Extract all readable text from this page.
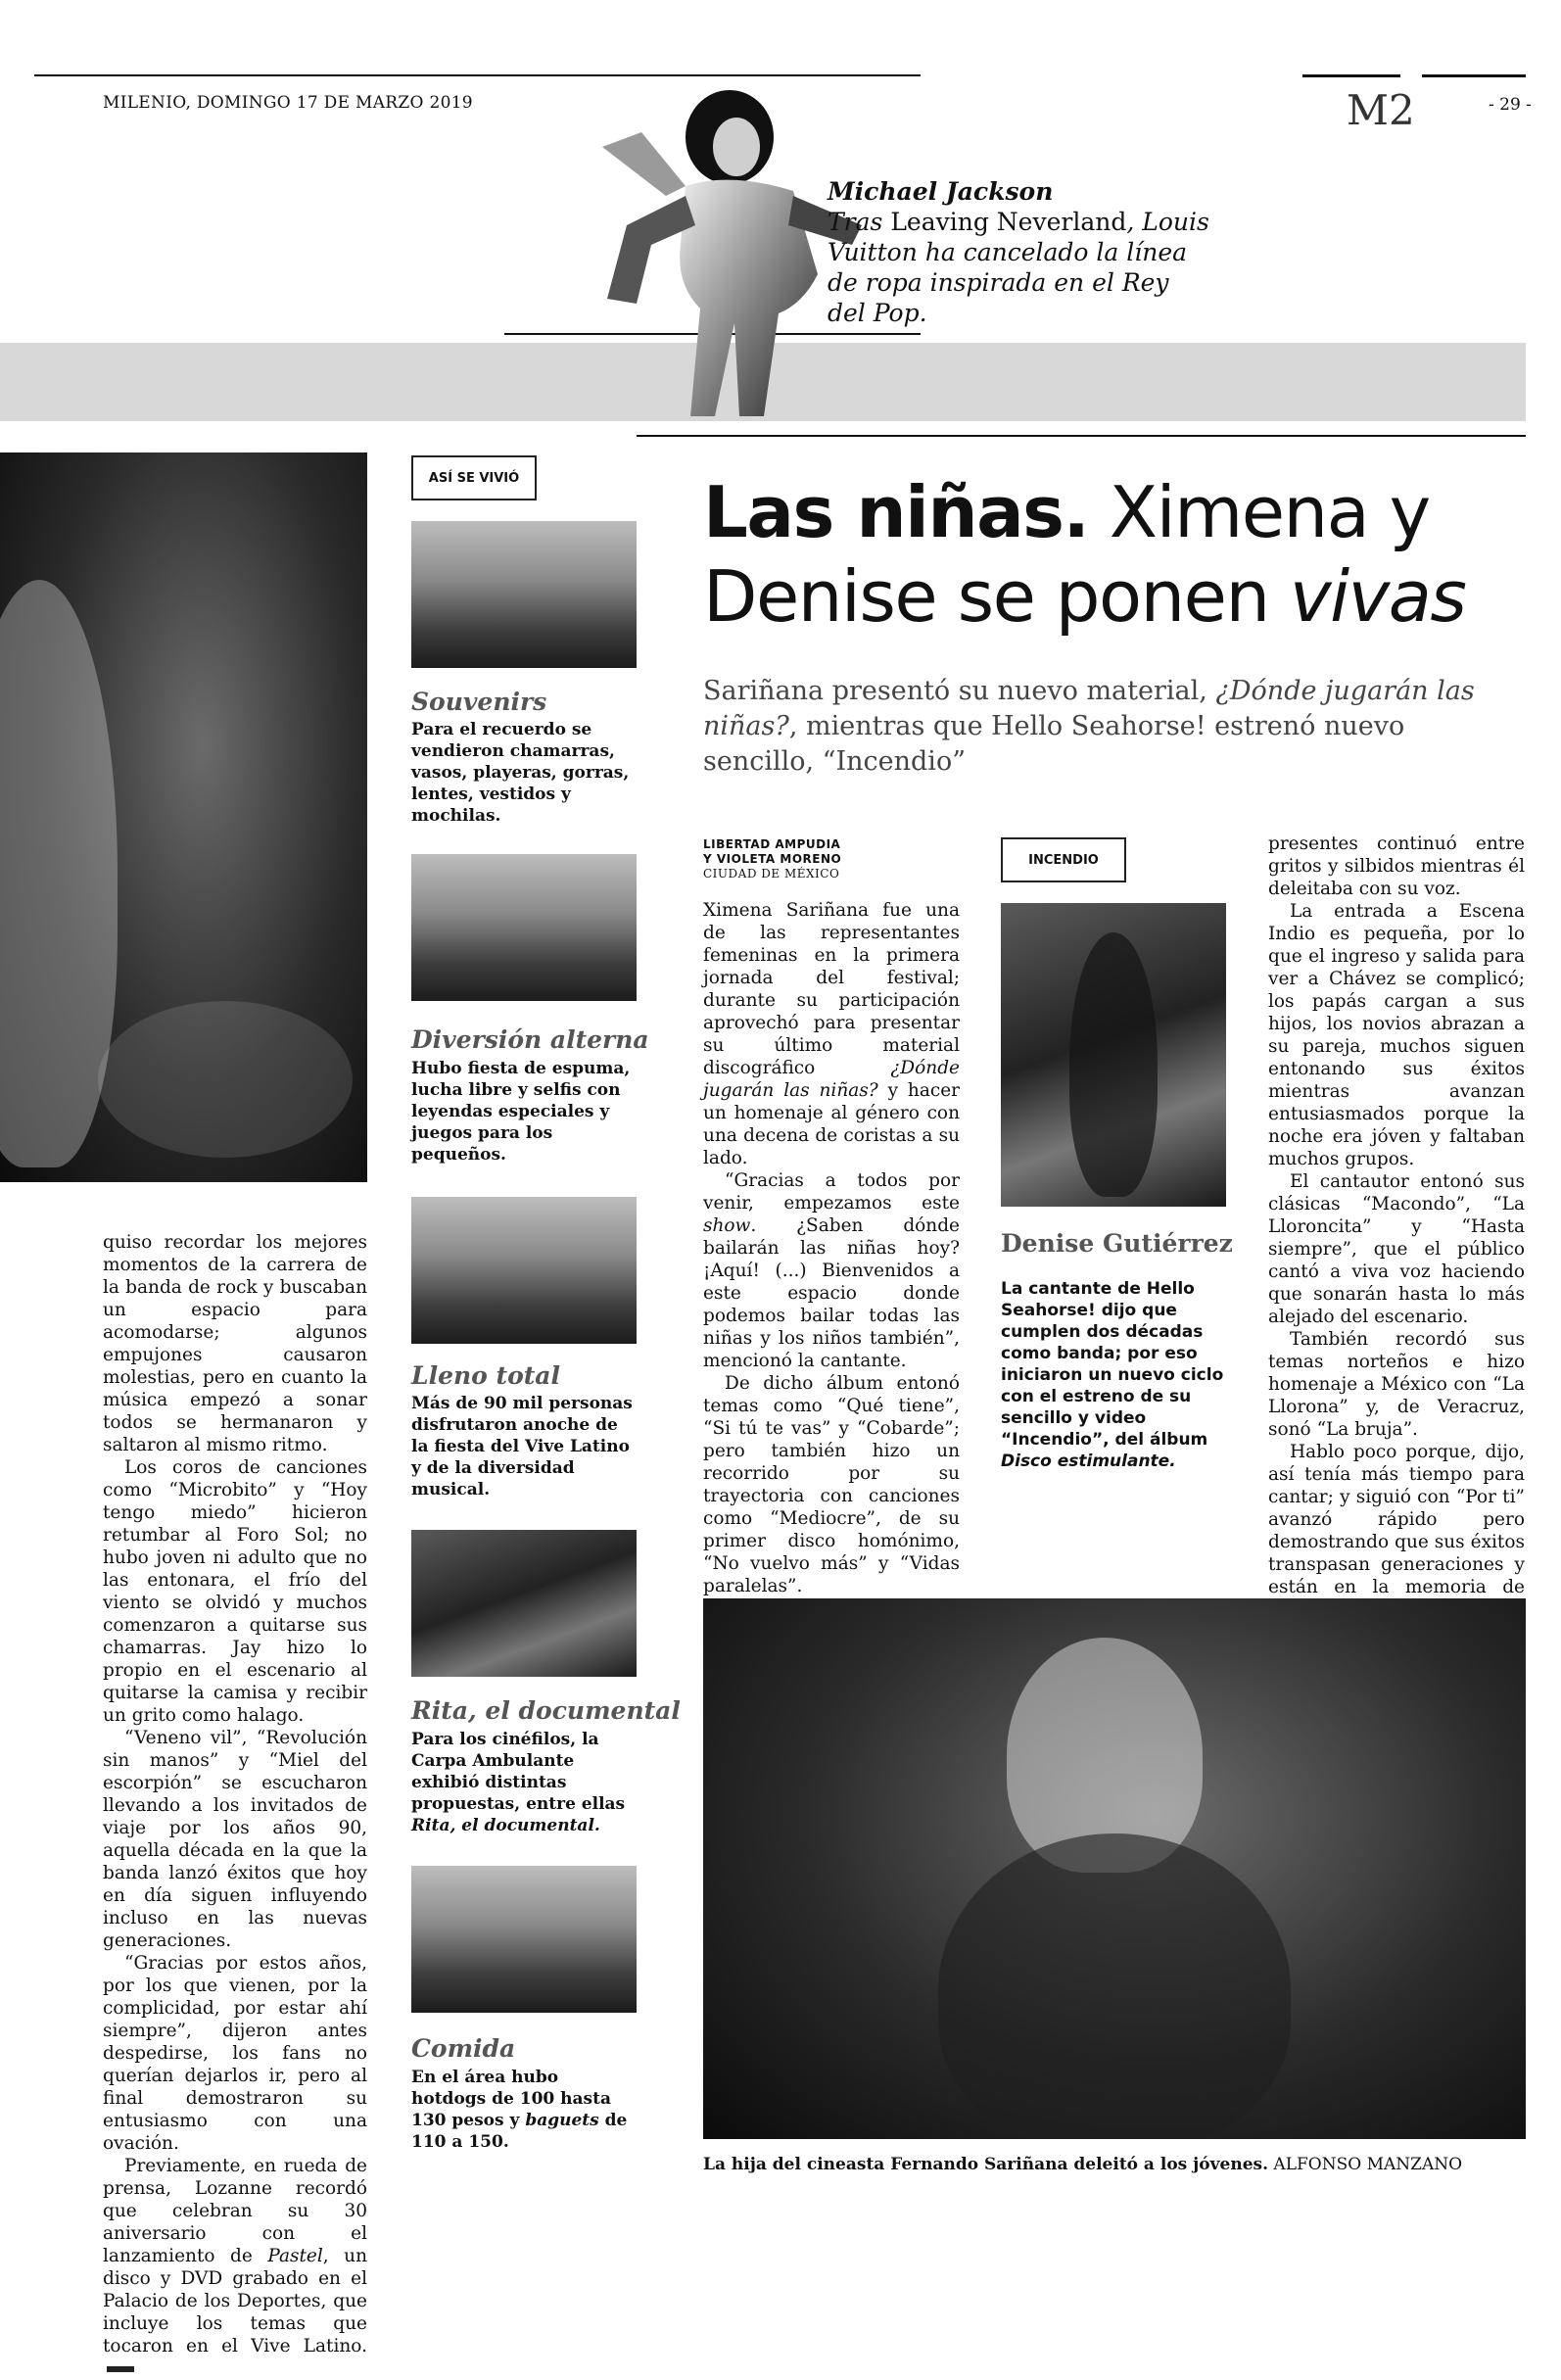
MILENIO, DOMINGO 17 DE MARZO 2019	M2	- 29 -
Michael Jackson
Tras Leaving Neverland, Louis Vuitton ha cancelado la línea de ropa inspirada en el Rey del Pop.

quiso recordar los mejores momentos de la carrera de la banda de rock y buscaban un espacio para acomodarse; algunos empujones causaron molestias, pero en cuanto la música empezó a sonar todos se hermanaron y saltaron al mismo ritmo.

Los coros de canciones como “Microbito” y “Hoy tengo miedo” hicieron retumbar al Foro Sol; no hubo joven ni adulto que no las entonara, el frío del viento se olvidó y muchos comenzaron a quitarse sus chamarras. Jay hizo lo propio en el escenario al quitarse la camisa y recibir un grito como halago.

“Veneno vil”, “Revolución sin manos” y “Miel del escorpión” se escucharon llevando a los invitados de viaje por los años 90, aquella década en la que la banda lanzó éxitos que hoy en día siguen influyendo incluso en las nuevas generaciones.

“Gracias por estos años, por los que vienen, por la complicidad, por estar ahí siempre”, dijeron antes despedirse, los fans no querían dejarlos ir, pero al final demostraron su entusiasmo con una ovación.

Previamente, en rueda de prensa, Lozanne recordó que celebran su 30 aniversario con el lanzamiento de Pastel, un disco y DVD grabado en el Palacio de los Deportes, que incluye los temas que tocaron en el Vive Latino.

ASÍ SE VIVIÓ
Souvenirs
Para el recuerdo se vendieron chamarras, vasos, playeras, gorras, lentes, vestidos y mochilas.
Diversión alterna
Hubo fiesta de espuma, lucha libre y selfis con leyendas especiales y juegos para los pequeños.
Lleno total
Más de 90 mil personas disfrutaron anoche de la fiesta del Vive Latino y de la diversidad musical.
Rita, el documental
Para los cinéfilos, la Carpa Ambulante exhibió distintas propuestas, entre ellas Rita, el documental.
Comida
En el área hubo hotdogs de 100 hasta 130 pesos y baguets de 110 a 150.
Las niñas. Ximena y Denise se ponen vivas
Sariñana presentó su nuevo material, ¿Dónde jugarán las niñas?, mientras que Hello Seahorse! estrenó nuevo sencillo, “Incendio”
LIBERTAD AMPUDIA
Y VIOLETA MORENO
CIUDAD DE MÉXICO

Ximena Sariñana fue una de las representantes femeninas en la primera jornada del festival; durante su participación aprovechó para presentar su último material discográfico ¿Dónde jugarán las niñas? y hacer un homenaje al género con una decena de coristas a su lado.

“Gracias a todos por venir, empezamos este show. ¿Saben dónde bailarán las niñas hoy? ¡Aquí! (...) Bienvenidos a este espacio donde podemos bailar todas las niñas y los niños también”, mencionó la cantante.

De dicho álbum entonó temas como “Qué tiene”, “Si tú te vas” y “Cobarde”; pero también hizo un recorrido por su trayectoria con canciones como “Mediocre”, de su primer disco homónimo, “No vuelvo más” y “Vidas paralelas”.

INCENDIO
Denise Gutiérrez
La cantante de Hello Seahorse! dijo que cumplen dos décadas como banda; por eso iniciaron un nuevo ciclo con el estreno de su sencillo y video “Incendio”, del álbum Disco estimulante.

presentes continuó entre gritos y silbidos mientras él deleitaba con su voz.

La entrada a Escena Indio es pequeña, por lo que el ingreso y salida para ver a Chávez se complicó; los papás cargan a sus hijos, los novios abrazan a su pareja, muchos siguen entonando sus éxitos mientras avanzan entusiasmados porque la noche era jóven y faltaban muchos grupos.

El cantautor entonó sus clásicas “Macondo”, “La Lloroncita” y “Hasta siempre”, que el público cantó a viva voz haciendo que sonarán hasta lo más alejado del escenario.

También recordó sus temas norteños e hizo homenaje a México con “La Llorona” y, de Veracruz, sonó “La bruja”.

Hablo poco porque, dijo, así tenía más tiempo para cantar; y siguió con “Por ti” avanzó rápido pero demostrando que sus éxitos transpasan generaciones y están en la memoria de

La hija del cineasta Fernando Sariñana deleitó a los jóvenes. ALFONSO MANZANO
